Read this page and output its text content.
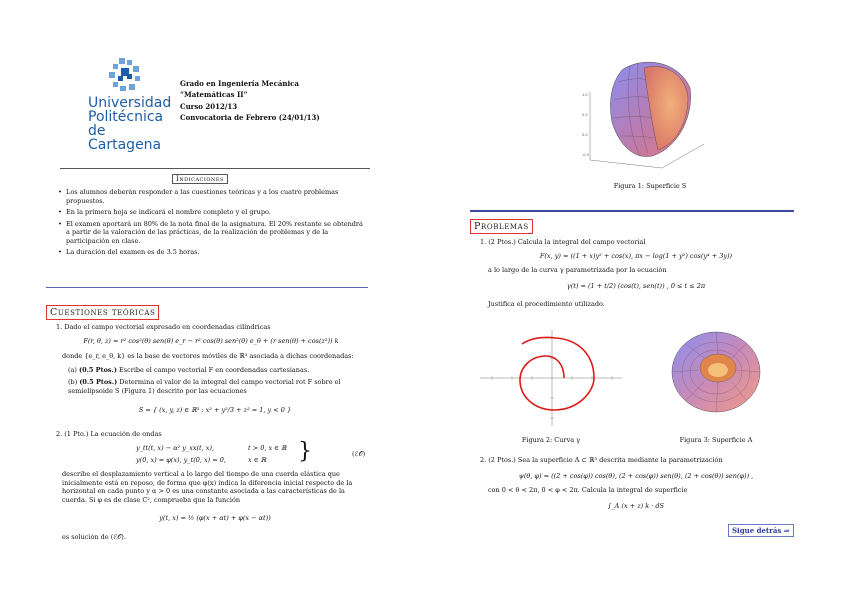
Universidad
Politécnica
de Cartagena
Grado en Ingeniería Mecánica
“Matemáticas II”
Curso 2012/13
Convocatoria de Febrero (24/01/13)
Indicaciones
• Los alumnos deberán responder a las cuestiones teóricas y a los cuatro problemas propuestos.
• En la primera hoja se indicará el nombre completo y el grupo.
• El examen aportará un 80% de la nota final de la asignatura. El 20% restante se obtendrá a partir de la valoración de las prácticas, de la realización de problemas y de la participación en clase.
• La duración del examen es de 3.5 horas.
Cuestiones teóricas
1. Dado el campo vectorial expresado en coordenadas cilíndricas
F(r, θ, z) = r² cos²(θ) sen(θ) e_r − r² cos(θ) sen²(θ) e_θ + (r sen(θ) + cos(z²)) k
donde {e_r, e_θ, k} es la base de vectores móviles de ℝ³ asociada a dichas coordenadas:
(a) (0.5 Ptos.) Escribe el campo vectorial F en coordenadas cartesianas.
(b) (0.5 Ptos.) Determina el valor de la integral del campo vectorial rot F sobre el semielipsoide S (Figura 1) descrito por las ecuaciones
S = { (x, y, z) ∈ ℝ³ : x² + y²/3 + z² = 1, y < 0 }
2. (1 Pto.) La ecuación de ondas
y_tt(t, x) − α² y_xx(t, x),	t > 0, x ∈ ℝ
y(0, x) = φ(x), y_t(0, x) = 0,	x ∈ ℝ }	(ℰ𝒪)
describe el desplazamiento vertical a lo largo del tiempo de una cuerda elástica que inicialmente está en reposo, de forma que φ(x) indica la diferencia inicial respecto de la horizontal en cada punto y α > 0 es una constante asociada a las características de la cuerda. Si φ es de clase C², comprueba que la función
y(t, x) = ½ (φ(x + αt) + φ(x − αt))
es solución de (ℰ𝒪).
1.0
0.5
0.0
-0.5
Figura 1: Superficie S
Problemas
1. (2 Ptos.) Calcula la integral del campo vectorial
F(x, y) = ((1 + x)y² + cos(x), πx − log(1 + y²) cos(y⁴ + 3y))
a lo largo de la curva γ parametrizada por la ecuación
γ(t) = (1 + t/2) (cos(t), sen(t)) , 0 ≤ t ≤ 2π
Justifica el procedimiento utilizado.
Figura 2: Curva γ	Figura 3: Superficie A
2. (2 Ptos.) Sea la superficie A ⊂ ℝ³ descrita mediante la parametrización
ψ(θ, φ) = ((2 + cos(φ)) cos(θ), (2 + cos(φ)) sen(θ), (2 + cos(θ)) sen(φ)) ,
con 0 < θ < 2π, 0 < φ < 2π. Calcula la integral de superficie
∫_A (x + z) k · dS
Sigue detrás ⇒
